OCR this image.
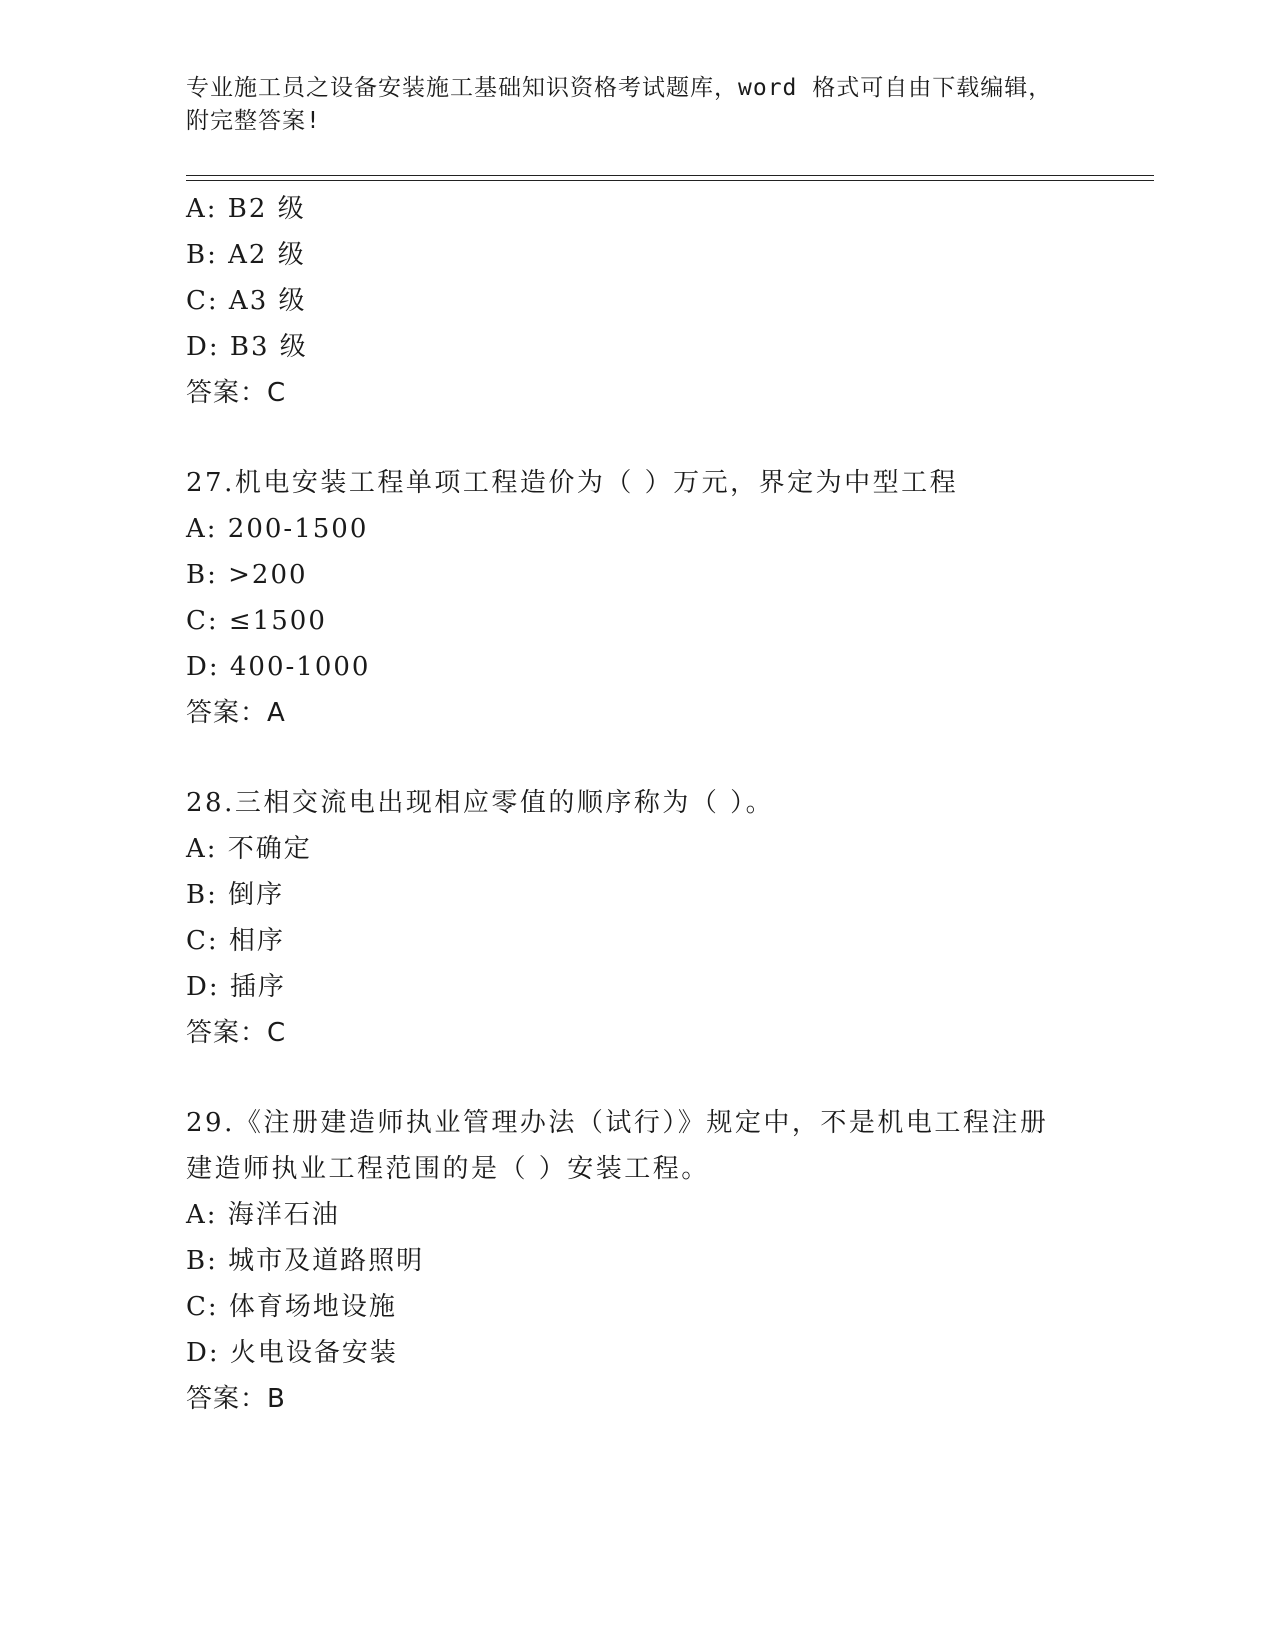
专业施工员之设备安装施工基础知识资格考试题库，word 格式可自由下载编辑，
附完整答案!
A: B2 级
B: A2 级
C: A3 级
D: B3 级
答案：C
27.机电安装工程单项工程造价为（ ）万元，界定为中型工程
A: 200-1500
B: >200
C: ≤1500
D: 400-1000
答案：A
28.三相交流电出现相应零值的顺序称为（ ）。
A: 不确定
B: 倒序
C: 相序
D: 插序
答案：C
29.《注册建造师执业管理办法（试行）》规定中，不是机电工程注册
建造师执业工程范围的是（ ）安装工程。
A: 海洋石油
B: 城市及道路照明
C: 体育场地设施
D: 火电设备安装
答案：B
